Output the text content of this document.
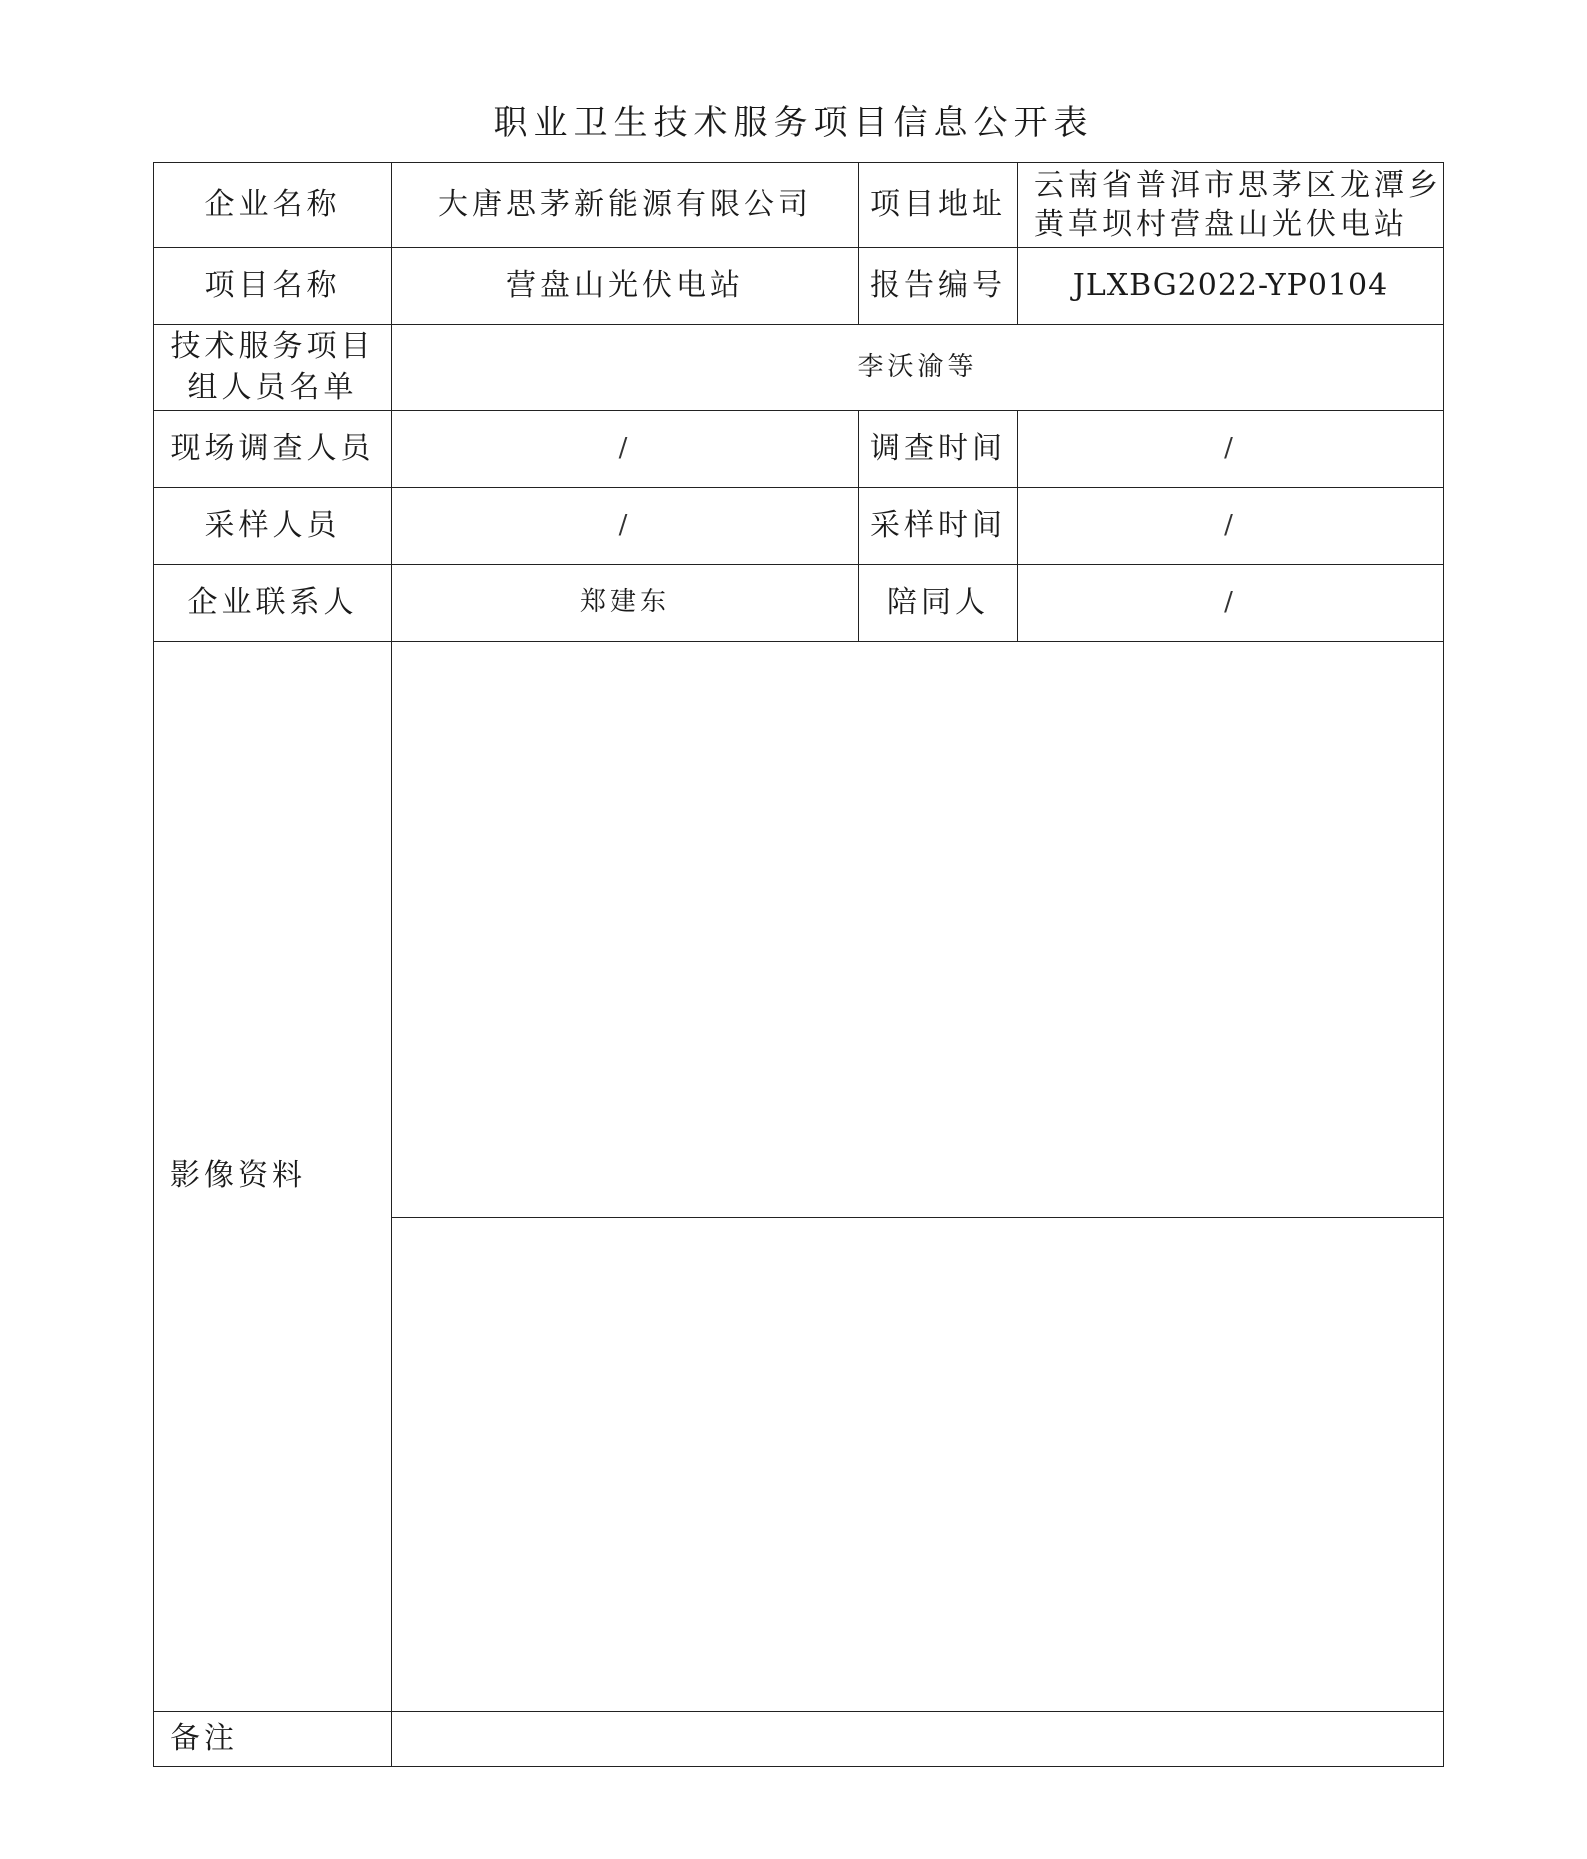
职业卫生技术服务项目信息公开表
企业名称	大唐思茅新能源有限公司	项目地址	云南省普洱市思茅区龙潭乡黄草坝村营盘山光伏电站
项目名称	营盘山光伏电站	报告编号	JLXBG2022-YP0104
技术服务项目组人员名单	李沃渝等		
现场调查人员	/	调查时间	/
采样人员	/	采样时间	/
企业联系人	郑建东	陪同人	/
影像资料			

备注			
